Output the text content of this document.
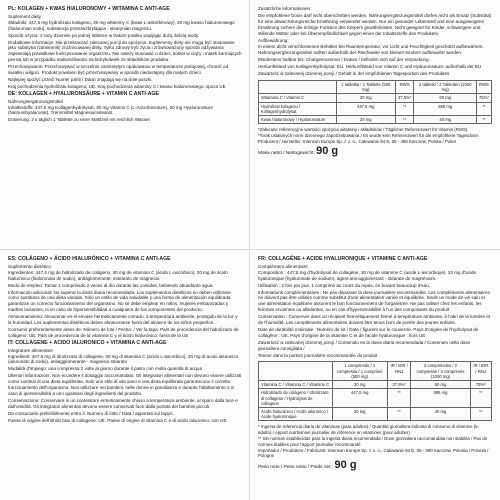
PL: KOLAGEN + KWAS HIALURONOWY + WITAMINA C ANTI-AGE

Suplement diety

Składniki: 447,5 mg hydrolizatu kolagenu, 30 mg witaminy C (kwas L-askorbinowy), 20 mg kwasu hialuronowego (hialuronian sodu), substancja przeciwzbrylająca - stearynian magnezu.

Sposób użycia: 2 razy dziennie po jednej tabletce w trakcie posiłku popijając dużą ilością wody.

Dodatkowe informacje: Nie przekraczać zalecanej porcji do spożycia. Suplementy diety nie mogą być stosowane jako substytut (zamiennik) zróżnicowanej diety. Tylko zdrowy tryb życia i zrównoważony sposób odżywiania zapewniają prawidłowe funkcjonowanie organizmu. Nie należy stosować u dzieci, kobiet w ciąży i matek karmiących piersią lub w przypadku nadwrażliwości na którykolwiek ze składników produktu.

Przechowywanie: Przechowywać w szczelnie zamkniętym opakowaniu w temperaturze pokojowej, chronić od światła i wilgoci. Produkt powinien być przechowywany w sposób niedostępny dla małych dzieci.

Najlepiej spożyć przed: Numer partii / Data) znajdują się na dole puszki.

Kraj pochodzenia hydrolizatu kolagenu: UE. Kraj pochodzenia witaminy C i kwasu hialuronowego: spoza UE

DE: KOLLAGEN + HYALURONSÄURE + VITAMIN C ANTI-AGE

Nahrungsergänzungsmittel

Inhaltsstoffe: 447,5 mg Kollagenhydrolysat, 30 mg Vitamin C (L-Ascorbinsäure), 20 mg Hyaluronsäure (Natriumhyaluronat), Trennmittel Magnesiumstearat.

Dosierung: 2 x täglich 1 Tablette zu einer Mahlzeit mit reichlich Wasser.

Zusätzliche Informationen:

Die empfohlene Dosis darf nicht überschritten werden. Nahrungsergänzungsmittel dürfen nicht als Ersatz (Substitut) für eine abwechslungsreiche Ernährung verwendet werden. Nur ein gesunder Lebensstil und eine ausgewogene Ernährung sichern die richtige Funktion des Körpers gewährleisten. Nicht geeignet für Kinder, schwangere und stillende Mütter oder bei Überempfindlichkeit gegen einen der Inhaltsstoffe des Produktes.

Aufbewahrung:

In einem dicht verschlossenen Behälter bei Raumtemperatur, vor Licht und Feuchtigkeit geschützt aufbewahren. Nahrungsergänzungsmittel sollten außerhalb der Reichweite von kleinen Kindern aufbewahrt werden.

Mindestens haltbar bis: Chargennummer / Datum / befinden sich auf der Verpackung.

Herkunftsland von Kollagenhydrolysat: EU. Herkunftsland von Vitamin C und Hyaluronsäure: außerhalb der EU

Zawartość w zalecanej dziennej porcji / Gehalt in der empfohlenen Tagesportion des Produktes

	1 tabletka / 1 Tablette (500 mg)	RWS	2 tabletki / 2 Tabletten (1000 mg)	RWS
Witamina C / Vitamin C	30 mg	37,5%*	60 mg	75%*
Hydrolizat kolagenu / Kollagenhydrolysat	447,5 mg	**	895 mg	**
Kwas hialuronowy / Hyaluronsäure	20 mg	**	40 mg	**

*Zalecane referencyjne wartości spożycia witaminy i składników / Täglicher Referenzwert für Vitamin (RWS)

**brak ustalonych norm dziennego zapotrzebowania / Es wurde kein Referenzwert für die empfohlene Tagesdosis

Producent / Hersteller: Intenson Europe Sp. z o. o., Całowanie 94 E, 05 - 480 Karczew, Polska / Polen

Masa netto / Nettogewicht: 90 g

ES: COLÁGENO + ÁCIDO HIALURÓNICO + VITAMINA C ANTI-AGE

Suplemento dietético

Ingredientes: 447,5 mg de hidrolizado de colágeno, 30 mg de vitamina C (ácido L-ascórbico), 20 mg de ácido hialurónico (hialuronato de sodio), antiaglomerante: estearato de magnesio.

Modo de empleo: Tomar 1 comprimido 2 veces al día durante las comidas, bebiendo abundante agua.

Información adicional: No superar la dosis diaria recomendada. Los suplementos dietéticos no deben utilizarse como sustitutos de una dieta variada. Solo un estilo de vida saludable y una forma de alimentación equilibrada garantizan un correcto funcionamiento del organismo. No se debe emplear en niños, mujeres embarazadas y madres lactantes, ni en caso de hipersensibilidad a cualquiera de los componentes del producto.

Almacenamiento: Almacenar en el envase herméticamente cerrado, a temperatura ambiente, protegido de la luz y la humedad. Los suplementos dietéticos deben almacenarse fuera del alcance de los niños pequeños.

Consumir preferentemente antes de: Número de lote / Fecha: / Ver la tapa. País de procedencia del hidrolizado de colágeno: UE. País de procedencia de la vitamina C y el ácido hialurónico: fuera de la UE

IT: COLLAGENE + ACIDO IALURONICO + VITAMINA C ANTI-AGE

Integratore alimentare

Ingredienti: 447,5 mg di idrolizzato di collagene, 30 mg di vitamina C (acido L-ascorbico), 20 mg di acido ialuronico (ialuronato di sodio), antiagglomerante - magnesio stearato

Modalità d'impiego: una compressa 2 volte al giorno durante il pasto con molta quantità di acqua

Ulteriori informazioni: Non eccedere il dosaggio raccomandato. Gli integratori alimentari non devono essere utilizzati come sostituti di una dieta equilibrata. Solo uno stile di vita sano e una dieta equilibrata garantiscono il corretto funzionamento dell'organismo. Non utilizzare nei bambini, nelle donne in gravidanza e durante l'allattamento o in caso di ipersensibilità a uno qualsiasi degli ingredienti del prodotto.

Conservazione: Conservare in un contenitore ermeticamente chiuso a temperatura ambiente, al riparo dalla luce e dall'umidità. Gli integratori alimentari devono essere conservati fuori dalla portata dei bambini piccoli.

Da consumarsi preferibilmente entro il: Numero di lotto / Data / apportati sul tappo.

Paese di origine dell'idrolizzato di collagene: UE. Paese di origine di vitamina C e di acido ialuronico: non UE

FR: COLLAGÈNE + ACIDE HYALURONIQUE + VITAMINE C ANTI-AGE

Complément alimentaire

Composition : 447,5 mg d'hydrolysat de collagène, 30 mg de vitamine C (acide L-ascorbique), 20 mg d'acide hyaluronique (hyaluronate de sodium), agent anti-agglomérant - stéarate de magnésium.

Utilisation : 2 fois par jour, 1 comprimé au cours du repas, en buvant beaucoup d'eau.

Informations complémentaires : Ne pas dépasser la dose journalière recommandée. Les compléments alimentaires ne doivent pas être utilisés comme substitut d'une alimentation variée et équilibrée. Seuls un mode de vie sain et une alimentation équilibrée assurent le bon fonctionnement de l'organisme. Ne pas utiliser chez les enfants, les femmes enceintes ou allaitantes, ou en cas d'hypersensibilité à l'un des composants du produit.

Conservation : Conserver dans un récipient hermétiquement fermé à température ambiante, à l'abri de la lumière et de l'humidité. Les compléments alimentaires doivent être tenus hors de portée des jeunes enfants.

Date de durabilité minimale : Numéro de lot / Date / figurent sur le couvercle. Pays d'origine de l'hydrolysat de collagène : UE. Pays d'origine de la vitamine C et de l'acide hyaluronique : hors UE

Zawartość w zalecanej dziennej porcji / Contenido en la dosis diaria recomendada / Contenuto nella dose giornaliera consigliata /

Teneur dans la portion journalière recommandée du produit

	1 comprimido / 1 compressa / 1 comprimé (500 mg)	IR / IDR / RNJ	2 comprimidos / 2 compresse / 2 comprimés (1000 mg)	IR / IDR / RNJ
Vitamina C / Vitamina C / Vitamine C	30 mg	37,5%*	60 mg	75%*
Hidrolizado de colágeno / Idrolizzato di collagene / Hydrolysat de collagène	447,5 mg	**	895 mg	**
Ácido hialurónico / Acido ialuronico / Acide hyaluronique	20 mg	**	40 mg	**

* Ingesta de referencia diaria de vitaminas (para adultos) / Quantità giornaliera indicata di consumo di vitamine (in adulto) / Apport nutritionnel journalier de référence en vitamines (pour adultes)

** Sin normas establecidas para la ingesta diaria recomendada / Dose giornaliera raccomandata non stabilita / Pas de normes établies pour l'apport journalier recommandé

Importador / Produttore / Fabricant: Intenson Europe Sp. z o. o., Całowanie 94 E, 05 - 480 Karczew, Polonia / Polonia / Pologne

Peso neto / Peso netto / Poids net : 90 g
